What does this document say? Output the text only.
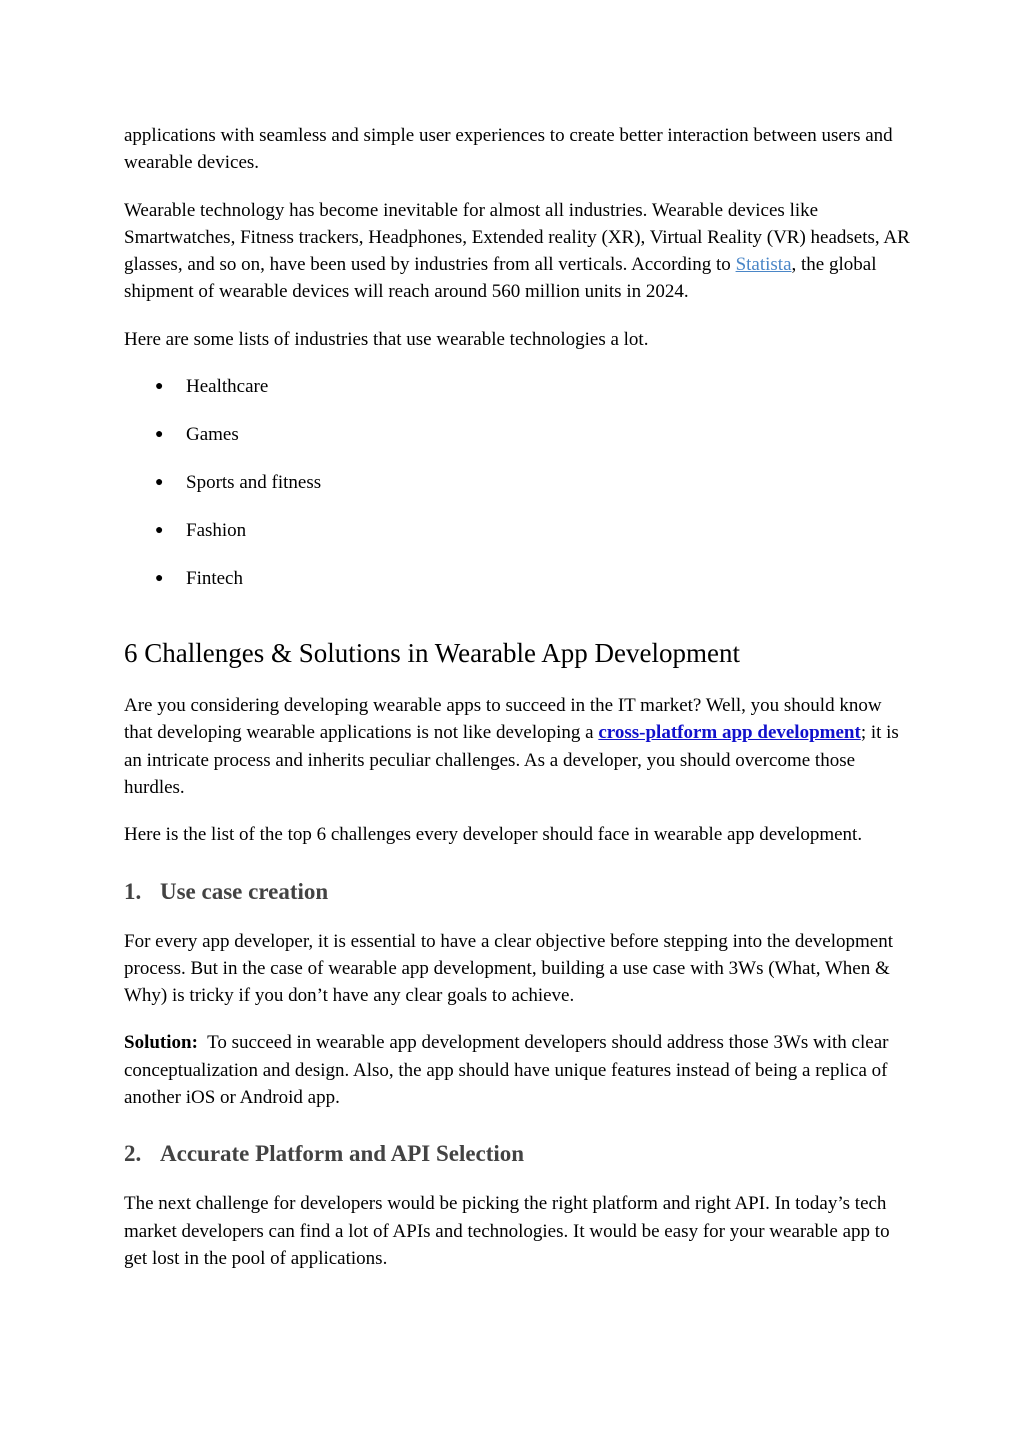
applications with seamless and simple user experiences to create better interaction between users and wearable devices.

Wearable technology has become inevitable for almost all industries. Wearable devices like Smartwatches, Fitness trackers, Headphones, Extended reality (XR), Virtual Reality (VR) headsets, AR glasses, and so on, have been used by industries from all verticals. According to Statista, the global shipment of wearable devices will reach around 560 million units in 2024.

Here are some lists of industries that use wearable technologies a lot.

● Healthcare
● Games
● Sports and fitness
● Fashion
● Fintech
6 Challenges & Solutions in Wearable App Development

Are you considering developing wearable apps to succeed in the IT market? Well, you should know that developing wearable applications is not like developing a cross-platform app development; it is an intricate process and inherits peculiar challenges. As a developer, you should overcome those hurdles.

Here is the list of the top 6 challenges every developer should face in wearable app development.

1. Use case creation

For every app developer, it is essential to have a clear objective before stepping into the development process. But in the case of wearable app development, building a use case with 3Ws (What, When & Why) is tricky if you don’t have any clear goals to achieve.

Solution:  To succeed in wearable app development developers should address those 3Ws with clear conceptualization and design. Also, the app should have unique features instead of being a replica of another iOS or Android app.

2. Accurate Platform and API Selection

The next challenge for developers would be picking the right platform and right API. In today’s tech market developers can find a lot of APIs and technologies. It would be easy for your wearable app to get lost in the pool of applications.
